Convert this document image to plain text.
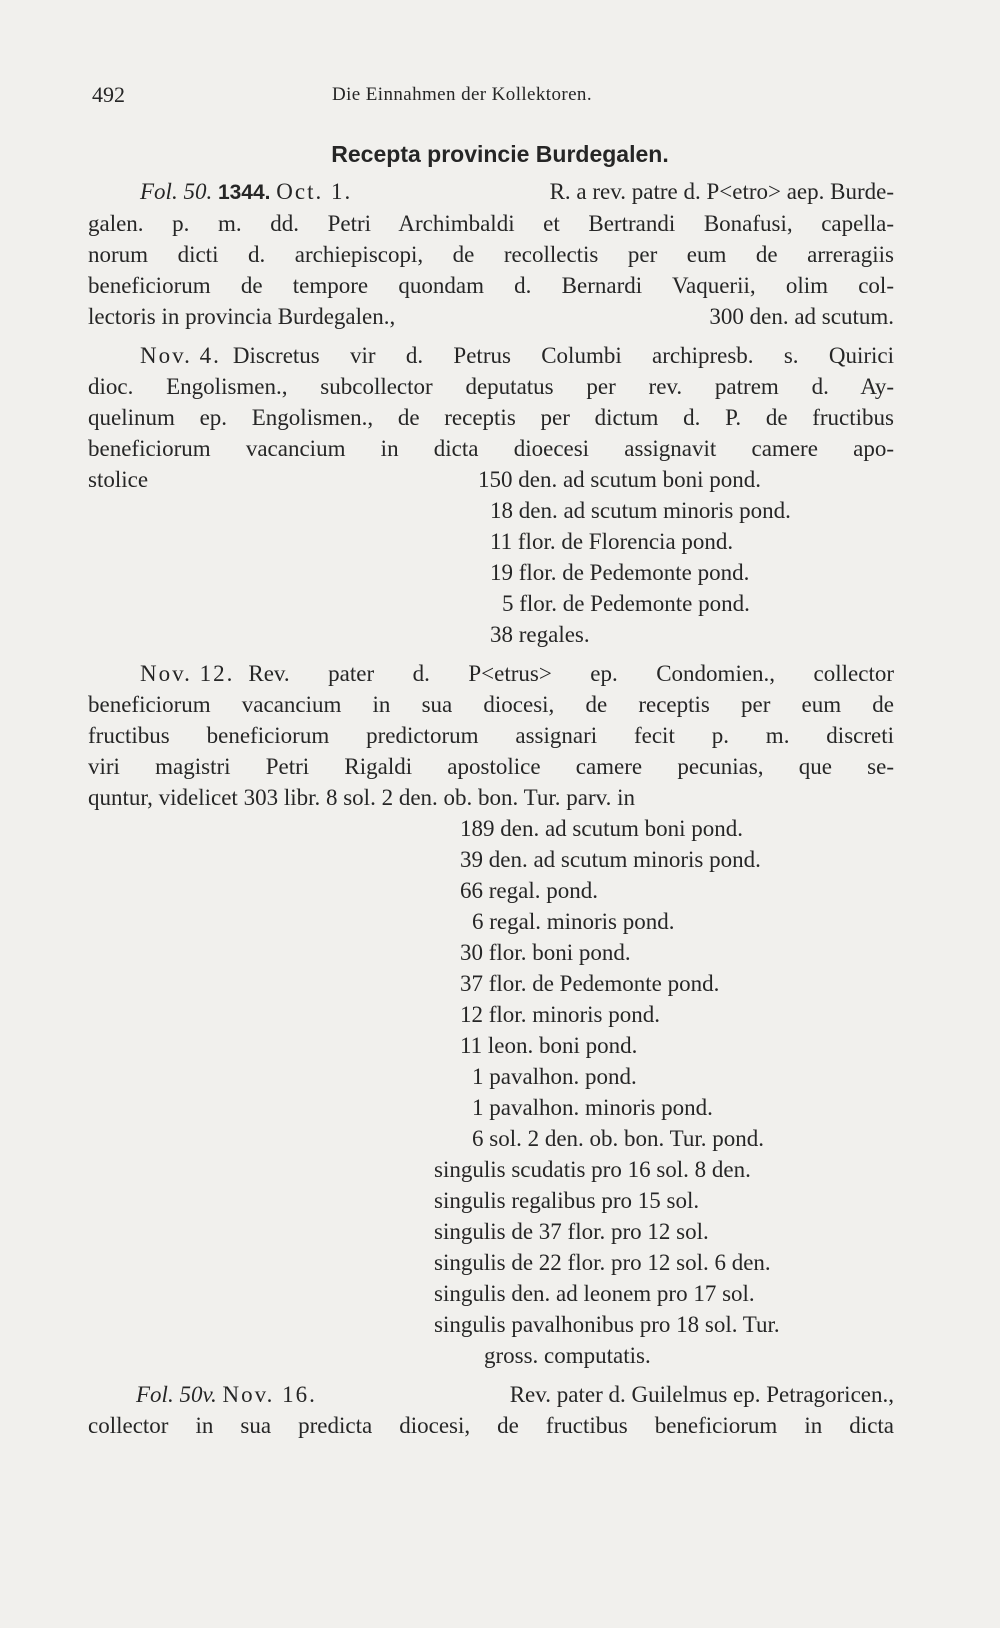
492	Die Einnahmen der Kollektoren.
Recepta provincie Burdegalen.
Fol. 50. 1344. Oct. 1.	R. a rev. patre d. P<etro> aep. Burde-
galen. p. m. dd. Petri Archimbaldi et Bertrandi Bonafusi, capella-
norum dicti d. archiepiscopi, de recollectis per eum de arreragiis
beneficiorum de tempore quondam d. Bernardi Vaquerii, olim col-
lectoris in provincia Burdegalen.,	300 den. ad scutum.
Nov. 4. Discretus vir d. Petrus Columbi archipresb. s. Quirici
dioc. Engolismen., subcollector deputatus per rev. patrem d. Ay-
quelinum ep. Engolismen., de receptis per dictum d. P. de fructibus
beneficiorum vacancium in dicta dioecesi assignavit camere apo-
stolice	150 den. ad scutum boni pond.
18 den. ad scutum minoris pond.
11 flor. de Florencia pond.
19 flor. de Pedemonte pond.
5 flor. de Pedemonte pond.
38 regales.
Nov. 12. Rev. pater d. P<etrus> ep. Condomien., collector
beneficiorum vacancium in sua diocesi, de receptis per eum de
fructibus beneficiorum predictorum assignari fecit p. m. discreti
viri magistri Petri Rigaldi apostolice camere pecunias, que se-
quntur, videlicet 303 libr. 8 sol. 2 den. ob. bon. Tur. parv. in
189 den. ad scutum boni pond.
39 den. ad scutum minoris pond.
66 regal. pond.
6 regal. minoris pond.
30 flor. boni pond.
37 flor. de Pedemonte pond.
12 flor. minoris pond.
11 leon. boni pond.
1 pavalhon. pond.
1 pavalhon. minoris pond.
6 sol. 2 den. ob. bon. Tur. pond.
singulis scudatis pro 16 sol. 8 den.
singulis regalibus pro 15 sol.
singulis de 37 flor. pro 12 sol.
singulis de 22 flor. pro 12 sol. 6 den.
singulis den. ad leonem pro 17 sol.
singulis pavalhonibus pro 18 sol. Tur.
gross. computatis.
Fol. 50v. Nov. 16.	Rev. pater d. Guilelmus ep. Petragoricen.,
collector in sua predicta diocesi, de fructibus beneficiorum in dicta
